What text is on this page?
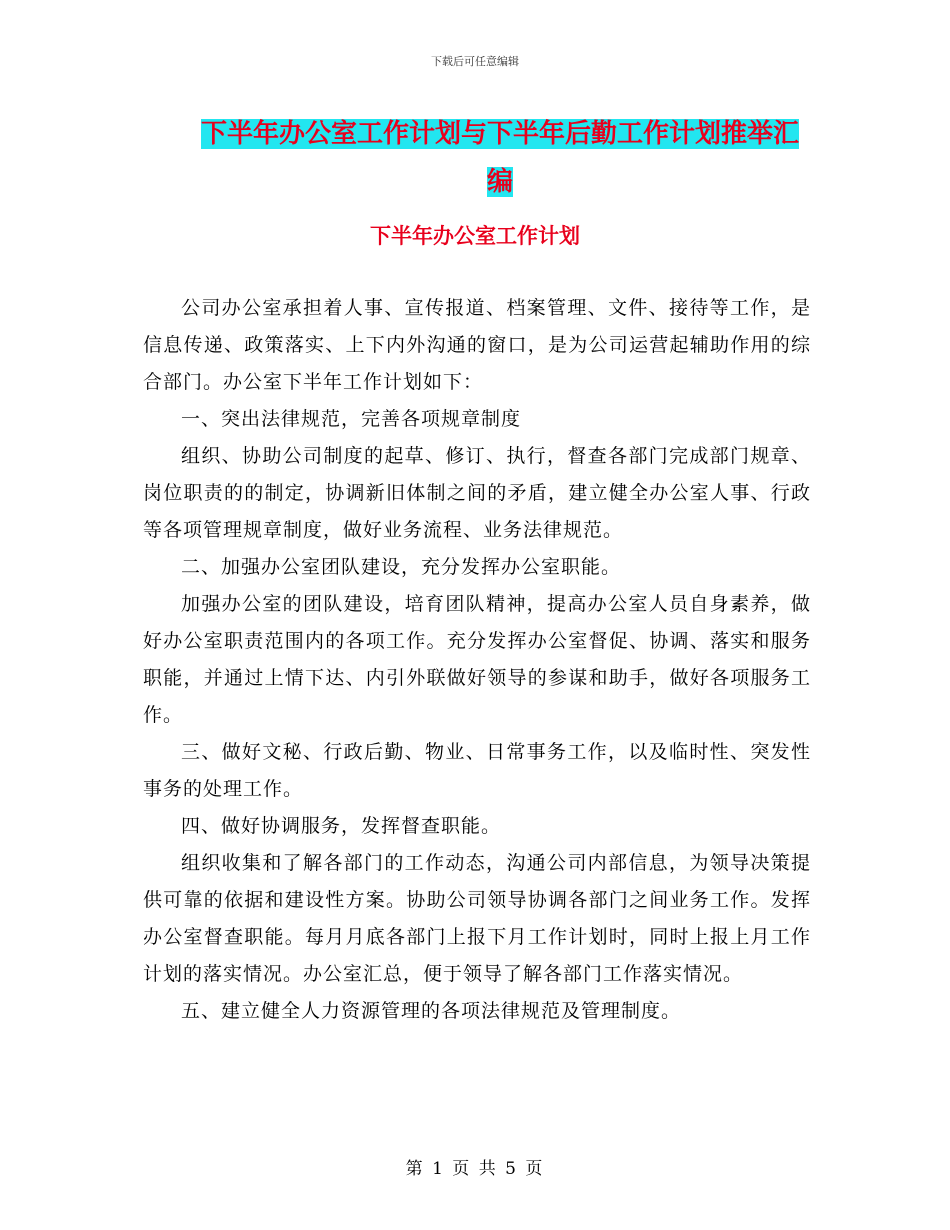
下载后可任意编辑
下半年办公室工作计划与下半年后勤工作计划推举汇编
下半年办公室工作计划

公司办公室承担着人事、宣传报道、档案管理、文件、接待等工作，是信息传递、政策落实、上下内外沟通的窗口，是为公司运营起辅助作用的综合部门。办公室下半年工作计划如下：

一、突出法律规范，完善各项规章制度

组织、协助公司制度的起草、修订、执行，督查各部门完成部门规章、岗位职责的的制定，协调新旧体制之间的矛盾，建立健全办公室人事、行政等各项管理规章制度，做好业务流程、业务法律规范。

二、加强办公室团队建设，充分发挥办公室职能。

加强办公室的团队建设，培育团队精神，提高办公室人员自身素养，做好办公室职责范围内的各项工作。充分发挥办公室督促、协调、落实和服务职能，并通过上情下达、内引外联做好领导的参谋和助手，做好各项服务工作。

三、做好文秘、行政后勤、物业、日常事务工作，以及临时性、突发性事务的处理工作。

四、做好协调服务，发挥督查职能。

组织收集和了解各部门的工作动态，沟通公司内部信息，为领导决策提供可靠的依据和建设性方案。协助公司领导协调各部门之间业务工作。发挥办公室督查职能。每月月底各部门上报下月工作计划时，同时上报上月工作计划的落实情况。办公室汇总，便于领导了解各部门工作落实情况。

五、建立健全人力资源管理的各项法律规范及管理制度。

第 1 页 共 5 页
